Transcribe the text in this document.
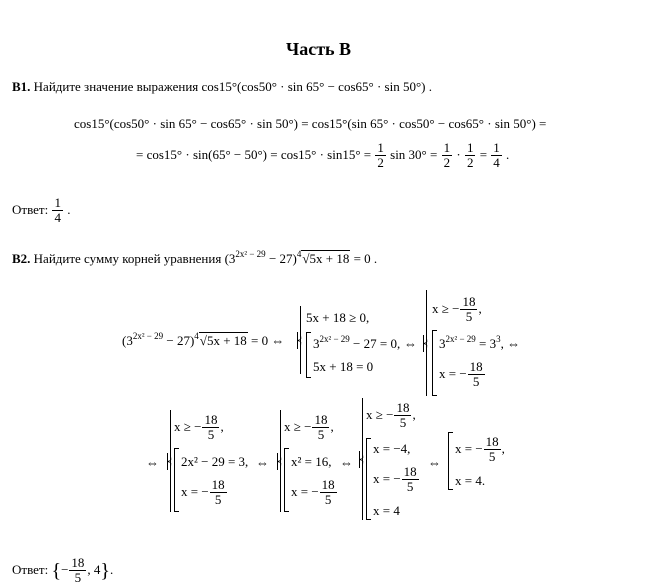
Часть В
В1. Найдите значение выражения cos15°(cos50° · sin 65° − cos65° · sin 50°) .
cos15°(cos50° · sin 65° − cos65° · sin 50°) = cos15°(sin 65° · cos50° − cos65° · sin 50°) =
= $\cos 15^\circ \cdot \sin(65^\circ - 50^\circ) = \cos 15^\circ \cdot \sin 15^\circ = \frac{1}{2}$ $\sin 30^\circ = \frac{1}{2} \cdot \frac{1}{2} = \frac{1}{4}$ .
Ответ: $\frac{1}{4}$ .
В2. Найдите сумму корней уравнения $(3^{2x^2 - 29} - 27)^4√5x + 18 = 0$ .
$(3^{2x^2 - 29} - 27)^4√5x + 18 = 0$ ⇔
5x + 18 ≥ 0,
$3^{2x^2 - 29} - 27 = 0$,
5x + 18 = 0
⇔
x ≥ − $\frac{18}{5}$ ,
$3^{2x^2 - 29} = 3^3$, ⇔
x = − $\frac{18}{5}$
⇔
x ≥ − $\frac{18}{5}$ ,
2x² − 29 = 3,
x = − $\frac{18}{5}$
⇔
x ≥ − $\frac{18}{5}$ ,
x² = 16,
x = − $\frac{18}{5}$
⇔
x ≥ − $\frac{18}{5}$ ,
x = −4,
x = − $\frac{18}{5}$
x = 4
⇔
x = − $\frac{18}{5}$ ,
x = 4.
Ответ: {− $\frac{18}{5}$ , 4}.
